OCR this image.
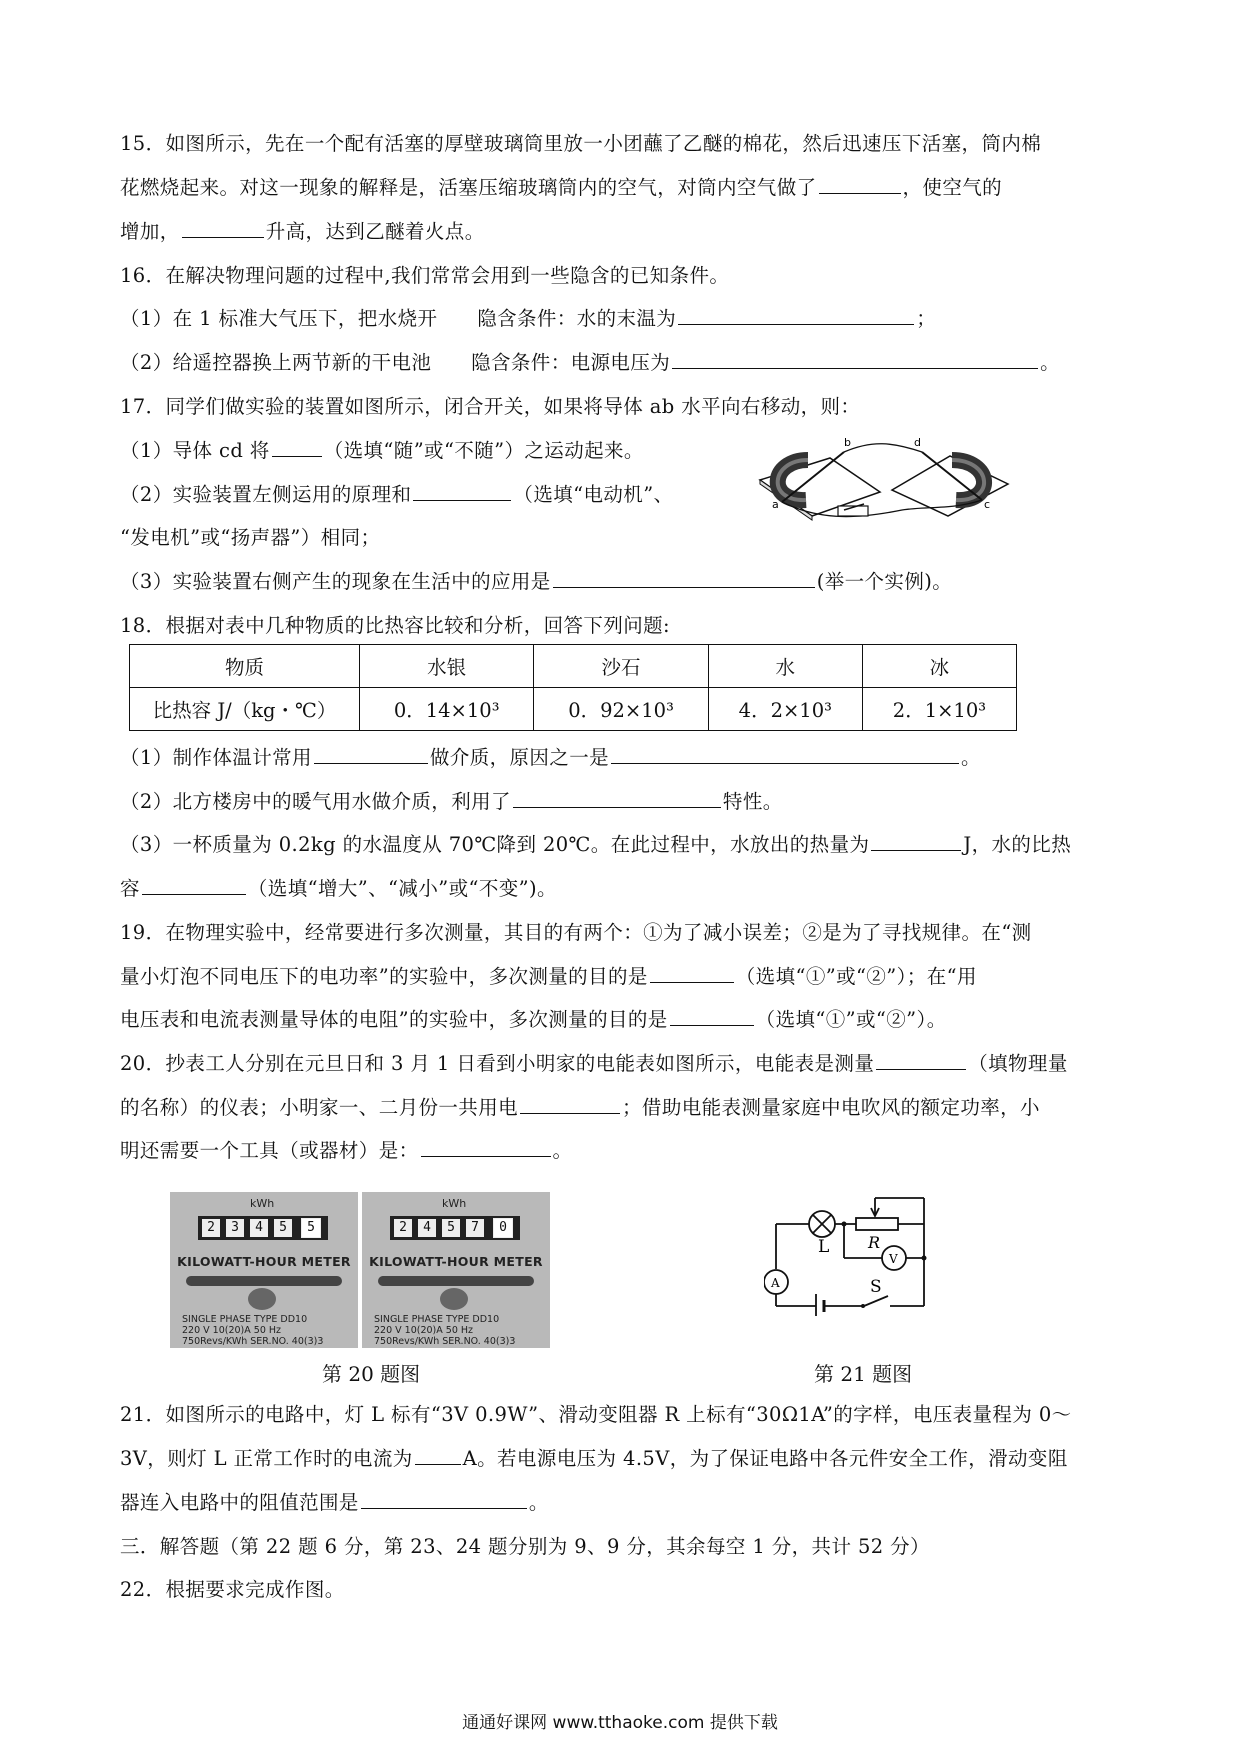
15．如图所示，先在一个配有活塞的厚壁玻璃筒里放一小团蘸了乙醚的棉花，然后迅速压下活塞，筒内棉
花燃烧起来。对这一现象的解释是，活塞压缩玻璃筒内的空气，对筒内空气做了	，使空气的
增加，	升高，达到乙醚着火点。
16．在解决物理问题的过程中,我们常常会用到一些隐含的已知条件。
（1）在 1 标准大气压下，把水烧开　　隐含条件：水的末温为	；
（2）给遥控器换上两节新的干电池　　隐含条件：电源电压为	。
17．同学们做实验的装置如图所示，闭合开关，如果将导体 ab 水平向右移动，则：
（1）导体 cd 将	（选填“随”或“不随”）之运动起来。
（2）实验装置左侧运用的原理和	（选填“电动机”、
“发电机”或“扬声器”）相同；
（3）实验装置右侧产生的现象在生活中的应用是	(举一个实例)。
a
b	d
c
18．根据对表中几种物质的比热容比较和分析，回答下列问题:
物质	水银	沙石	水	冰
比热容 J/（kg・℃）	0．14×10³	0．92×10³	4．2×10³	2．1×10³
（1）制作体温计常用	做介质，原因之一是	。
（2）北方楼房中的暖气用水做介质，利用了	特性。
（3）一杯质量为 0.2kg 的水温度从 70℃降到 20℃。在此过程中，水放出的热量为	J，水的比热
容	（选填“增大”、“减小”或“不变”)。
19．在物理实验中，经常要进行多次测量，其目的有两个：①为了减小误差；②是为了寻找规律。在“测
量小灯泡不同电压下的电功率”的实验中，多次测量的目的是	（选填“①”或“②”）；在“用
电压表和电流表测量导体的电阻”的实验中，多次测量的目的是	（选填“①”或“②”）。
20．抄表工人分别在元旦日和 3 月 1 日看到小明家的电能表如图所示，电能表是测量	（填物理量
的名称）的仪表；小明家一、二月份一共用电	；借助电能表测量家庭中电吹风的额定功率，小
明还需要一个工具（或器材）是：	。
kWh
2	3	4	5	5
KILOWATT-HOUR METER
SINGLE PHASE TYPE DD10
220 V 10(20)A 50 Hz
750Revs/KWh SER.NO. 40(3)3
kWh
2	4	5	7	0
KILOWATT-HOUR METER
SINGLE PHASE TYPE DD10
220 V 10(20)A 50 Hz
750Revs/KWh SER.NO. 40(3)3
A
V
L R
S
第 20 题图	第 21 题图
21．如图所示的电路中，灯 L 标有“3V 0.9W”、滑动变阻器 R 上标有“30Ω1A”的字样，电压表量程为 0～
3V，则灯 L 正常工作时的电流为	A。若电源电压为 4.5V，为了保证电路中各元件安全工作，滑动变阻
器连入电路中的阻值范围是	。
三．解答题（第 22 题 6 分，第 23、24 题分别为 9、9 分，其余每空 1 分，共计 52 分）
22．根据要求完成作图。
通通好课网 www.tthaoke.com 提供下载
